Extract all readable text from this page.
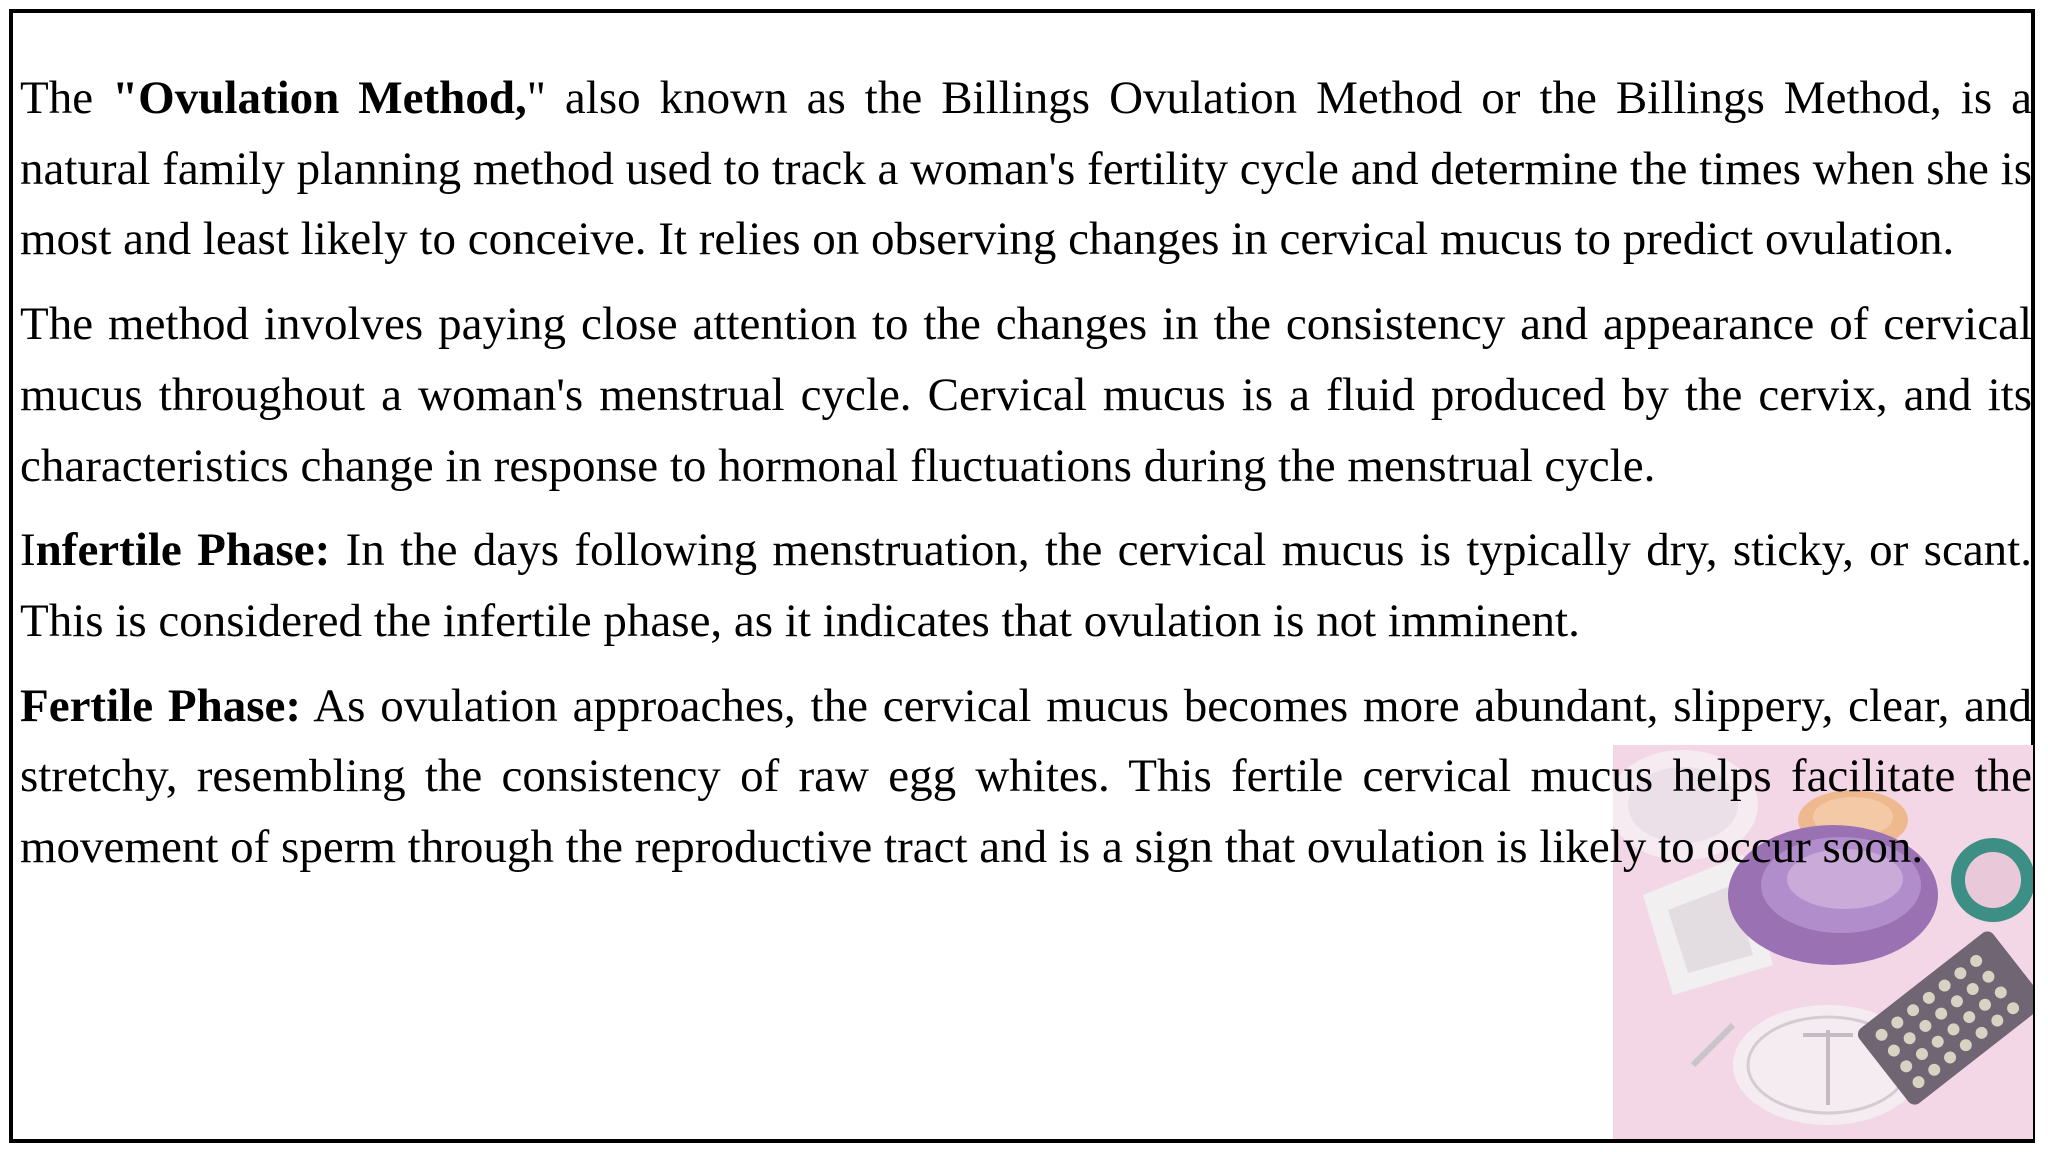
The "Ovulation Method," also known as the Billings Ovulation Method or the Billings Method, is a natural family planning method used to track a woman's fertility cycle and determine the times when she is most and least likely to conceive. It relies on observing changes in cervical mucus to predict ovulation.

The method involves paying close attention to the changes in the consistency and appearance of cervical mucus throughout a woman's menstrual cycle. Cervical mucus is a fluid produced by the cervix, and its characteristics change in response to hormonal fluctuations during the menstrual cycle.

Infertile Phase: In the days following menstruation, the cervical mucus is typically dry, sticky, or scant. This is considered the infertile phase, as it indicates that ovulation is not imminent.

Fertile Phase: As ovulation approaches, the cervical mucus becomes more abundant, slippery, clear, and stretchy, resembling the consistency of raw egg whites. This fertile cervical mucus helps facilitate the movement of sperm through the reproductive tract and is a sign that ovulation is likely to occur soon.
